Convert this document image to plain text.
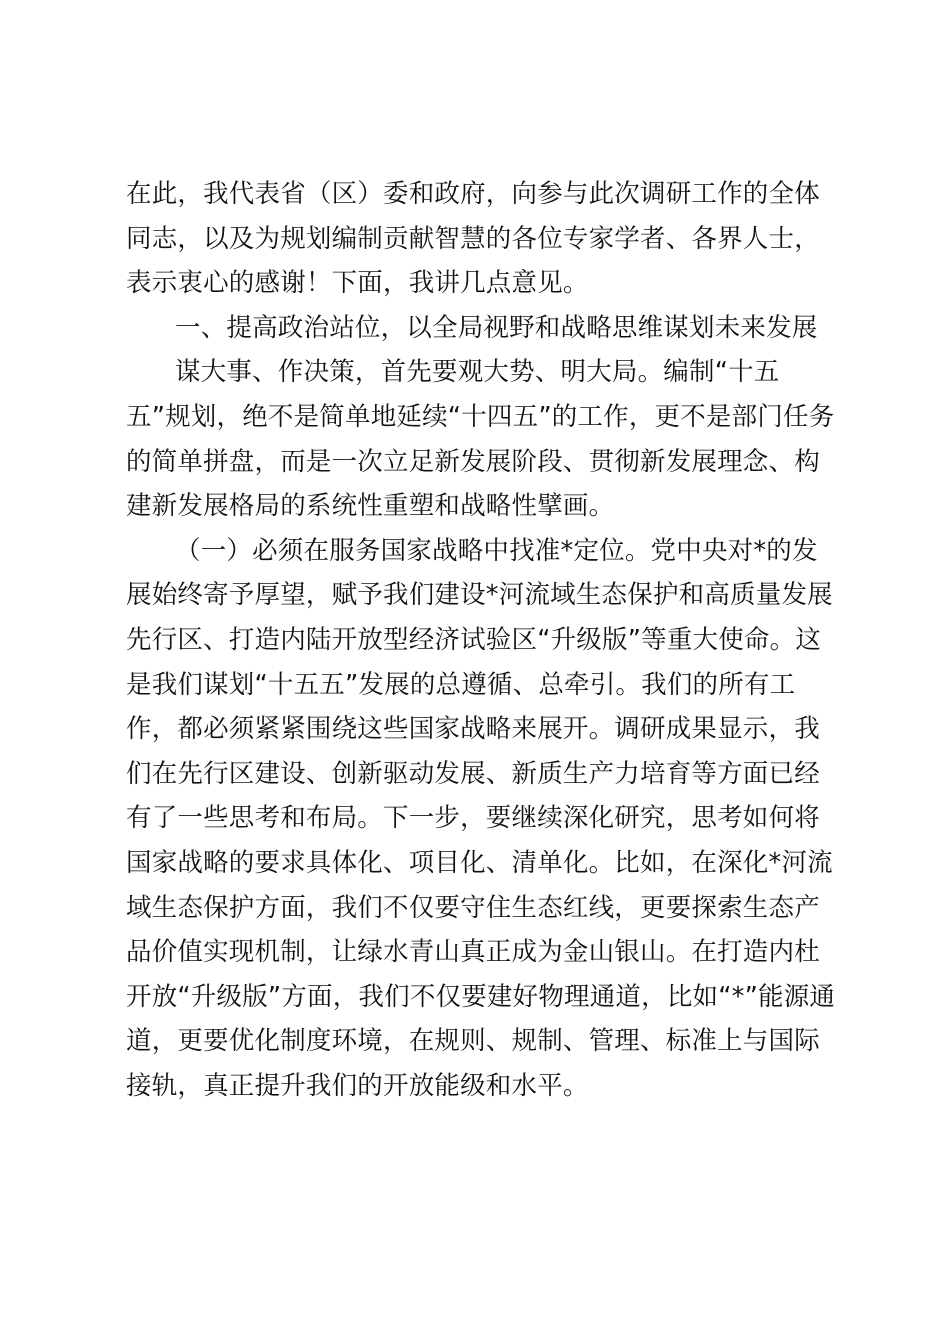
在此，我代表省（区）委和政府，向参与此次调研工作的全体
同志，以及为规划编制贡献智慧的各位专家学者、各界人士，
表示衷心的感谢！下面，我讲几点意见。
一、提高政治站位，以全局视野和战略思维谋划未来发展
谋大事、作决策，首先要观大势、明大局。编制“十五
五”规划，绝不是简单地延续“十四五”的工作，更不是部门任务
的简单拼盘，而是一次立足新发展阶段、贯彻新发展理念、构
建新发展格局的系统性重塑和战略性擘画。
（一）必须在服务国家战略中找准*定位。党中央对*的发
展始终寄予厚望，赋予我们建设*河流域生态保护和高质量发展
先行区、打造内陆开放型经济试验区“升级版”等重大使命。这
是我们谋划“十五五”发展的总遵循、总牵引。我们的所有工
作，都必须紧紧围绕这些国家战略来展开。调研成果显示，我
们在先行区建设、创新驱动发展、新质生产力培育等方面已经
有了一些思考和布局。下一步，要继续深化研究，思考如何将
国家战略的要求具体化、项目化、清单化。比如，在深化*河流
域生态保护方面，我们不仅要守住生态红线，更要探索生态产
品价值实现机制，让绿水青山真正成为金山银山。在打造内杜
开放“升级版”方面，我们不仅要建好物理通道，比如“*”能源通
道，更要优化制度环境，在规则、规制、管理、标准上与国际
接轨，真正提升我们的开放能级和水平。
